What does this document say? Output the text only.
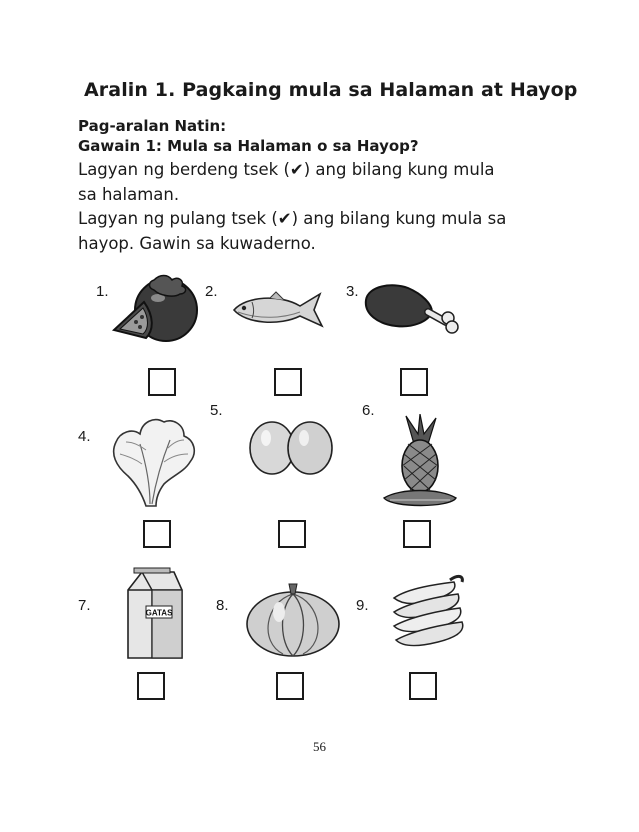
Aralin 1. Pagkaing mula sa Halaman at Hayop
Pag-aralan Natin:
Gawain 1: Mula sa Halaman o sa Hayop?
Lagyan ng berdeng tsek (✔) ang bilang kung mula
sa halaman.
Lagyan ng pulang tsek (✔) ang bilang kung mula sa
hayop. Gawin sa kuwaderno.
1.	2.	3.
4.
5.	6.
7.	8.	9.
GATAS
56
